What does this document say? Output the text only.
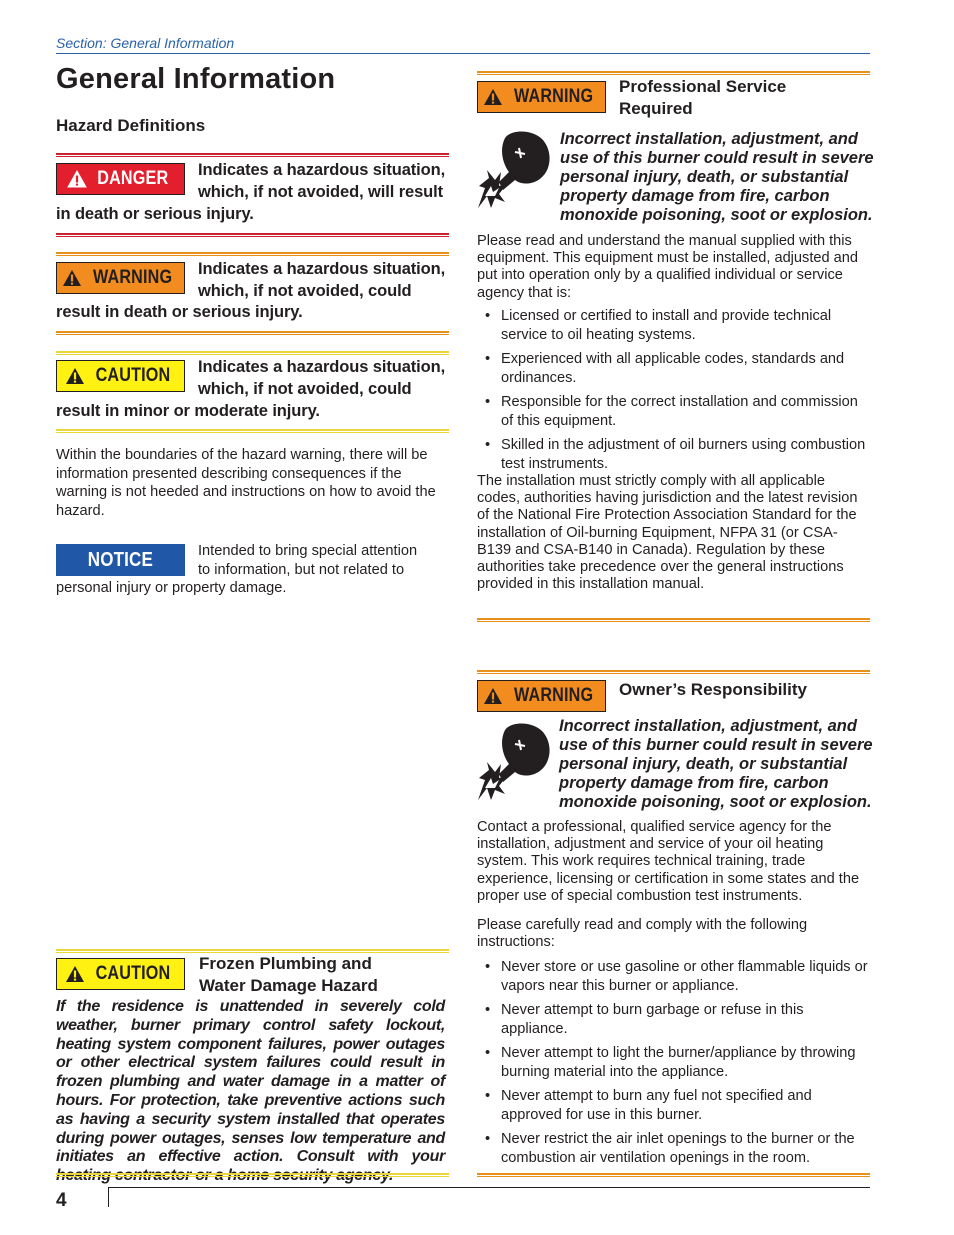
Section: General Information
General Information
Hazard Definitions
DANGER Indicates a hazardous situation,
which, if not avoided, will result
in death or serious injury.
WARNING Indicates a hazardous situation,
which, if not avoided, could
result in death or serious injury.
CAUTION Indicates a hazardous situation,
which, if not avoided, could
result in minor or moderate injury.
Within the boundaries of the hazard warning, there will be information presented describing consequences if the warning is not heeded and instructions on how to avoid the hazard.
NOTICE	Intended to bring special attention
to information, but not related to
personal injury or property damage.
CAUTION Frozen Plumbing and
Water Damage Hazard
If the residence is unattended in severely cold weather, burner primary control safety lockout, heating system component failures, power outages or other electrical system failures could result in frozen plumbing and water damage in a matter of hours. For protection, take preventive actions such as having a security system installed that operates during power outages, senses low temperature and initiates an effective action. Consult with your heating contractor or a home security agency.
WARNING Professional Service
Required
Incorrect installation, adjustment, and
use of this burner could result in severe
personal injury, death, or substantial
property damage from fire, carbon
monoxide poisoning, soot or explosion.
Please read and understand the manual supplied with this equipment. This equipment must be installed, adjusted and put into operation only by a qualified individual or service agency that is:
• Licensed or certified to install and provide technical service to oil heating systems.
• Experienced with all applicable codes, standards and ordinances.
• Responsible for the correct installation and commission of this equipment.
• Skilled in the adjustment of oil burners using combustion test instruments.
The installation must strictly comply with all applicable codes, authorities having jurisdiction and the latest revision of the National Fire Protection Association Standard for the installation of Oil-burning Equipment, NFPA 31 (or CSA-B139 and CSA-B140 in Canada). Regulation by these authorities take precedence over the general instructions provided in this installation manual.
WARNING Owner’s Responsibility
Incorrect installation, adjustment, and
use of this burner could result in severe
personal injury, death, or substantial
property damage from fire, carbon
monoxide poisoning, soot or explosion.
Contact a professional, qualified service agency for the installation, adjustment and service of your oil heating system. This work requires technical training, trade experience, licensing or certification in some states and the proper use of special combustion test instruments.
Please carefully read and comply with the following instructions:
• Never store or use gasoline or other flammable liquids or vapors near this burner or appliance.
• Never attempt to burn garbage or refuse in this appliance.
• Never attempt to light the burner/appliance by throwing burning material into the appliance.
• Never attempt to burn any fuel not specified and approved for use in this burner.
• Never restrict the air inlet openings to the burner or the combustion air ventilation openings in the room.
4
